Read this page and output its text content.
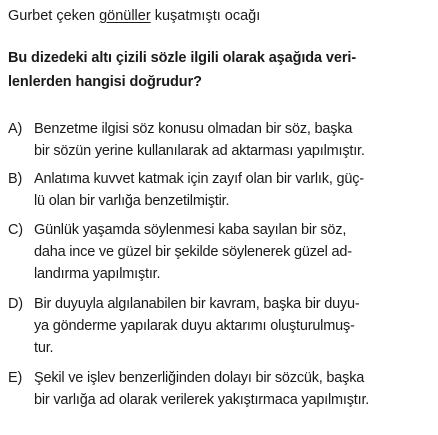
Gurbet çeken gönüller kuşatmıştı ocağı
Bu dizedeki altı çizili sözle ilgili olarak aşağıda veri-
lenlerden hangisi doğrudur?
A) Benzetme ilgisi söz konusu olmadan bir söz, başka
bir sözün yerine kullanılarak ad aktarması yapılmıştır.
B) Anlatıma kuvvet katmak için zayıf olan bir varlık, güç-
lü olan bir varlığa benzetilmiştir.
C) Günlük yaşamda söylenmesi kaba sayılan bir söz,
daha ince ve güzel bir şekilde söylenerek güzel ad-
landırma yapılmıştır.
D) Bir duyuyla algılanabilen bir kavram, başka bir duyu-
ya gönderme yapılarak duyu aktarımı oluşturulmuş-
tur.
E) Şekil ve işlev benzerliğinden dolayı bir sözcük, başka
bir varlığa ad olarak verilerek yakıştırmaca yapılmıştır.
